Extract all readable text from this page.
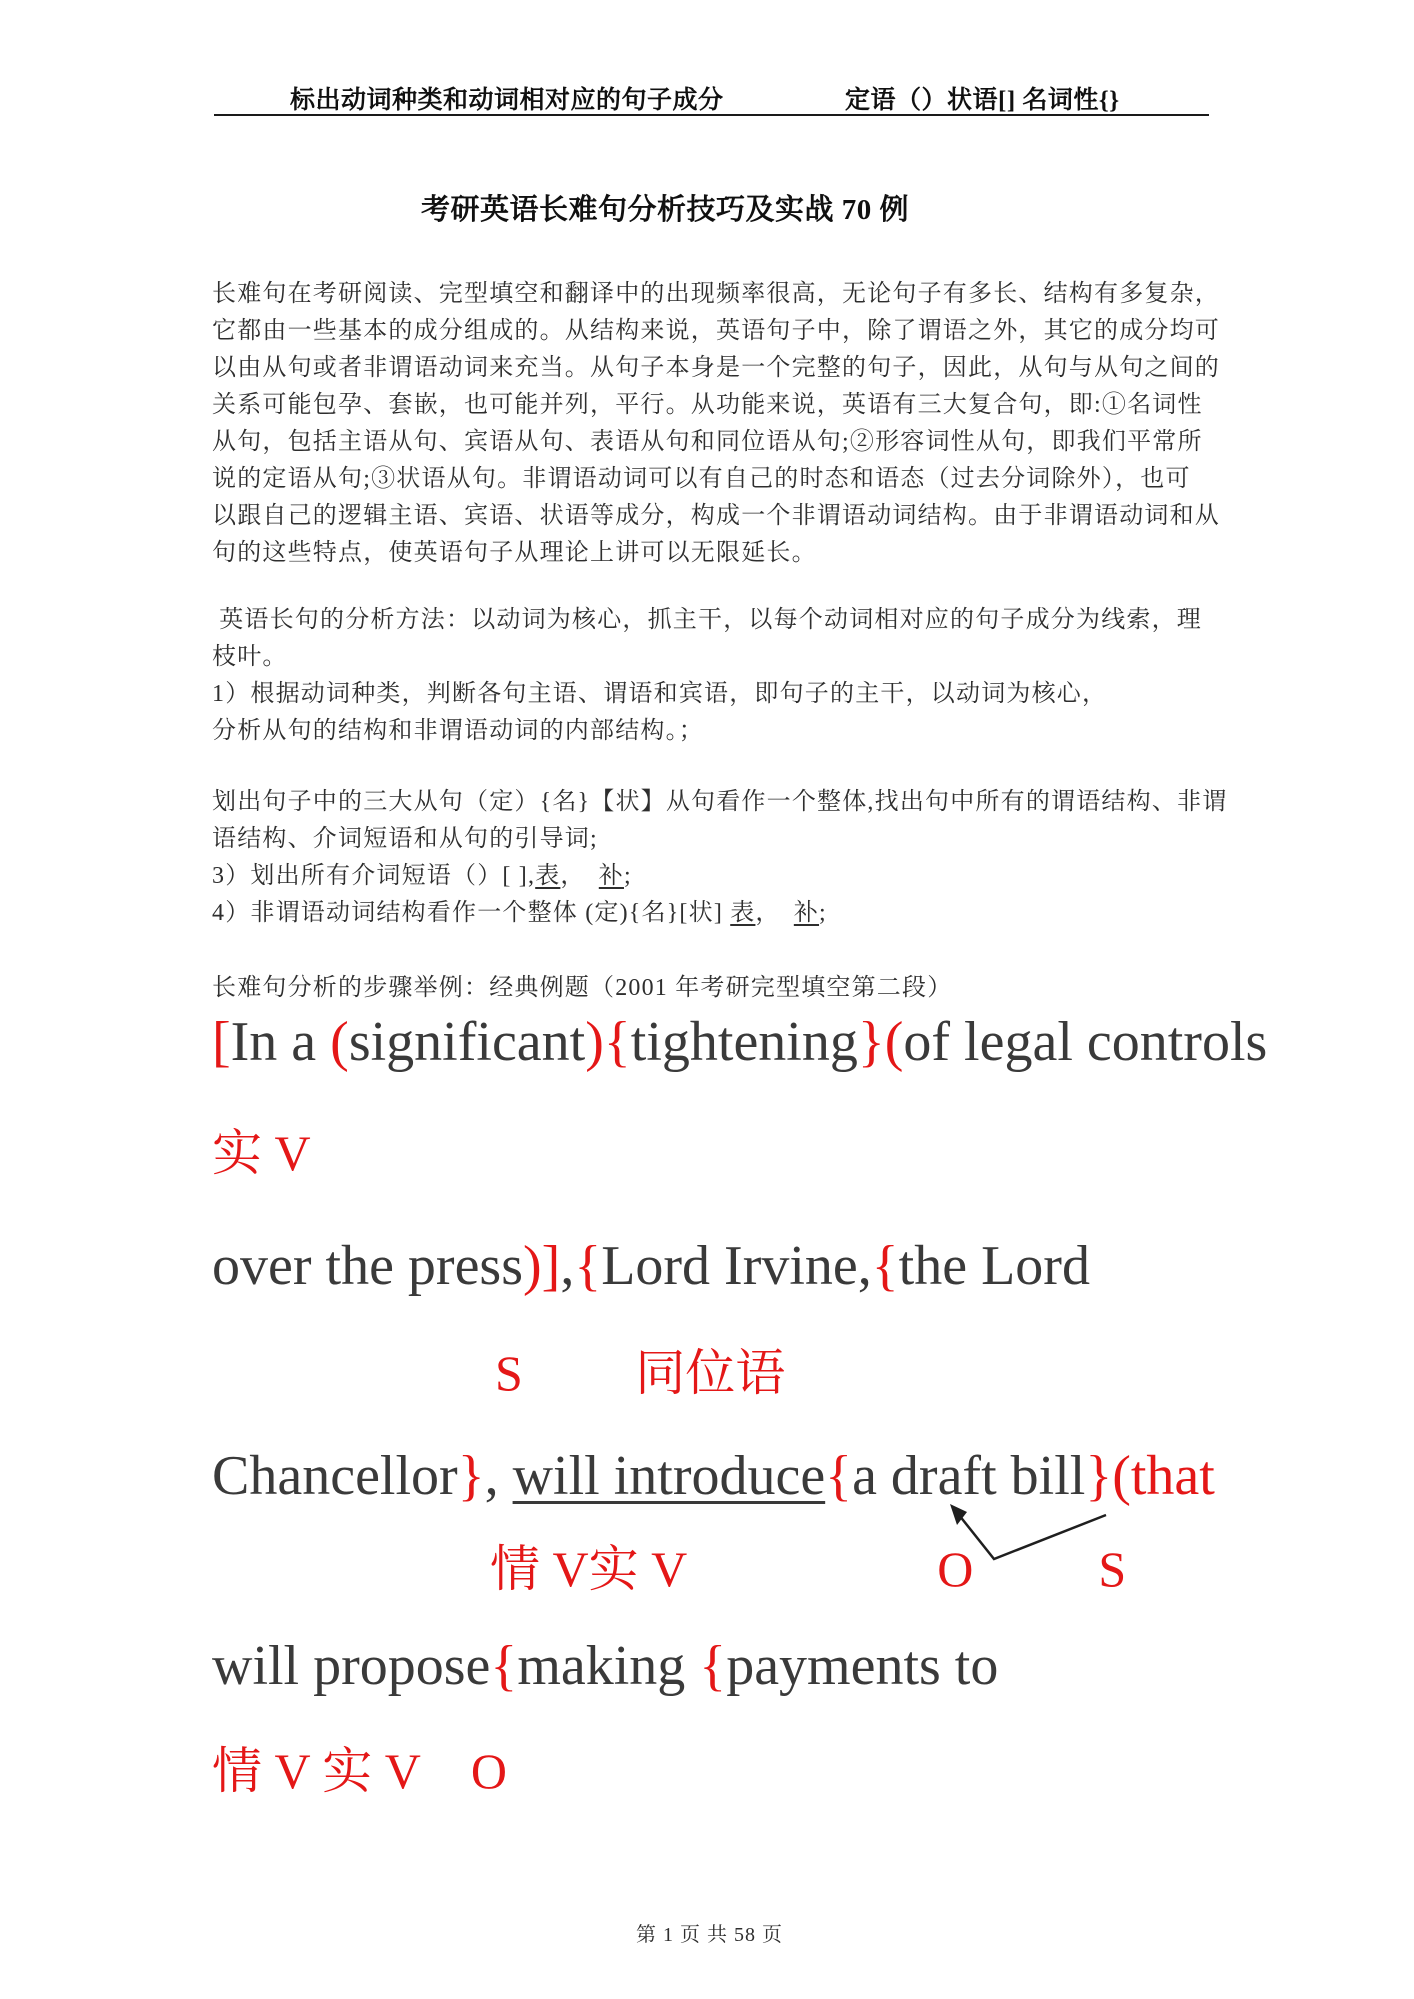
标出动词种类和动词相对应的句子成分	定语（）状语[] 名词性{}
考研英语长难句分析技巧及实战 70 例
长难句在考研阅读、完型填空和翻译中的出现频率很高，无论句子有多长、结构有多复杂，
它都由一些基本的成分组成的。从结构来说，英语句子中，除了谓语之外，其它的成分均可
以由从句或者非谓语动词来充当。从句子本身是一个完整的句子，因此，从句与从句之间的
关系可能包孕、套嵌，也可能并列，平行。从功能来说，英语有三大复合句，即:①名词性
从句，包括主语从句、宾语从句、表语从句和同位语从句;②形容词性从句，即我们平常所
说的定语从句;③状语从句。非谓语动词可以有自己的时态和语态（过去分词除外），也可
以跟自己的逻辑主语、宾语、状语等成分，构成一个非谓语动词结构。由于非谓语动词和从
句的这些特点，使英语句子从理论上讲可以无限延长。
英语长句的分析方法：以动词为核心，抓主干，以每个动词相对应的句子成分为线索，理
枝叶。
1）根据动词种类，判断各句主语、谓语和宾语，即句子的主干，以动词为核心，
分析从句的结构和非谓语动词的内部结构。；
划出句子中的三大从句（定）{名}【状】从句看作一个整体,找出句中所有的谓语结构、非谓
语结构、介词短语和从句的引导词;
3）划出所有介词短语（）[ ],表，　补;
4）非谓语动词结构看作一个整体 (定){名}[状] 表，　补;
长难句分析的步骤举例：经典例题（2001 年考研完型填空第二段）
[In a (significant){tightening}(of legal controls
实 V
over the press)],{Lord Irvine,{the Lord
S 同位语
Chancellor}, will introduce{a draft bill}(that
情 V实 V	O	S
will propose{making {payments to
情 V 实 V O
第 1 页 共 58 页
